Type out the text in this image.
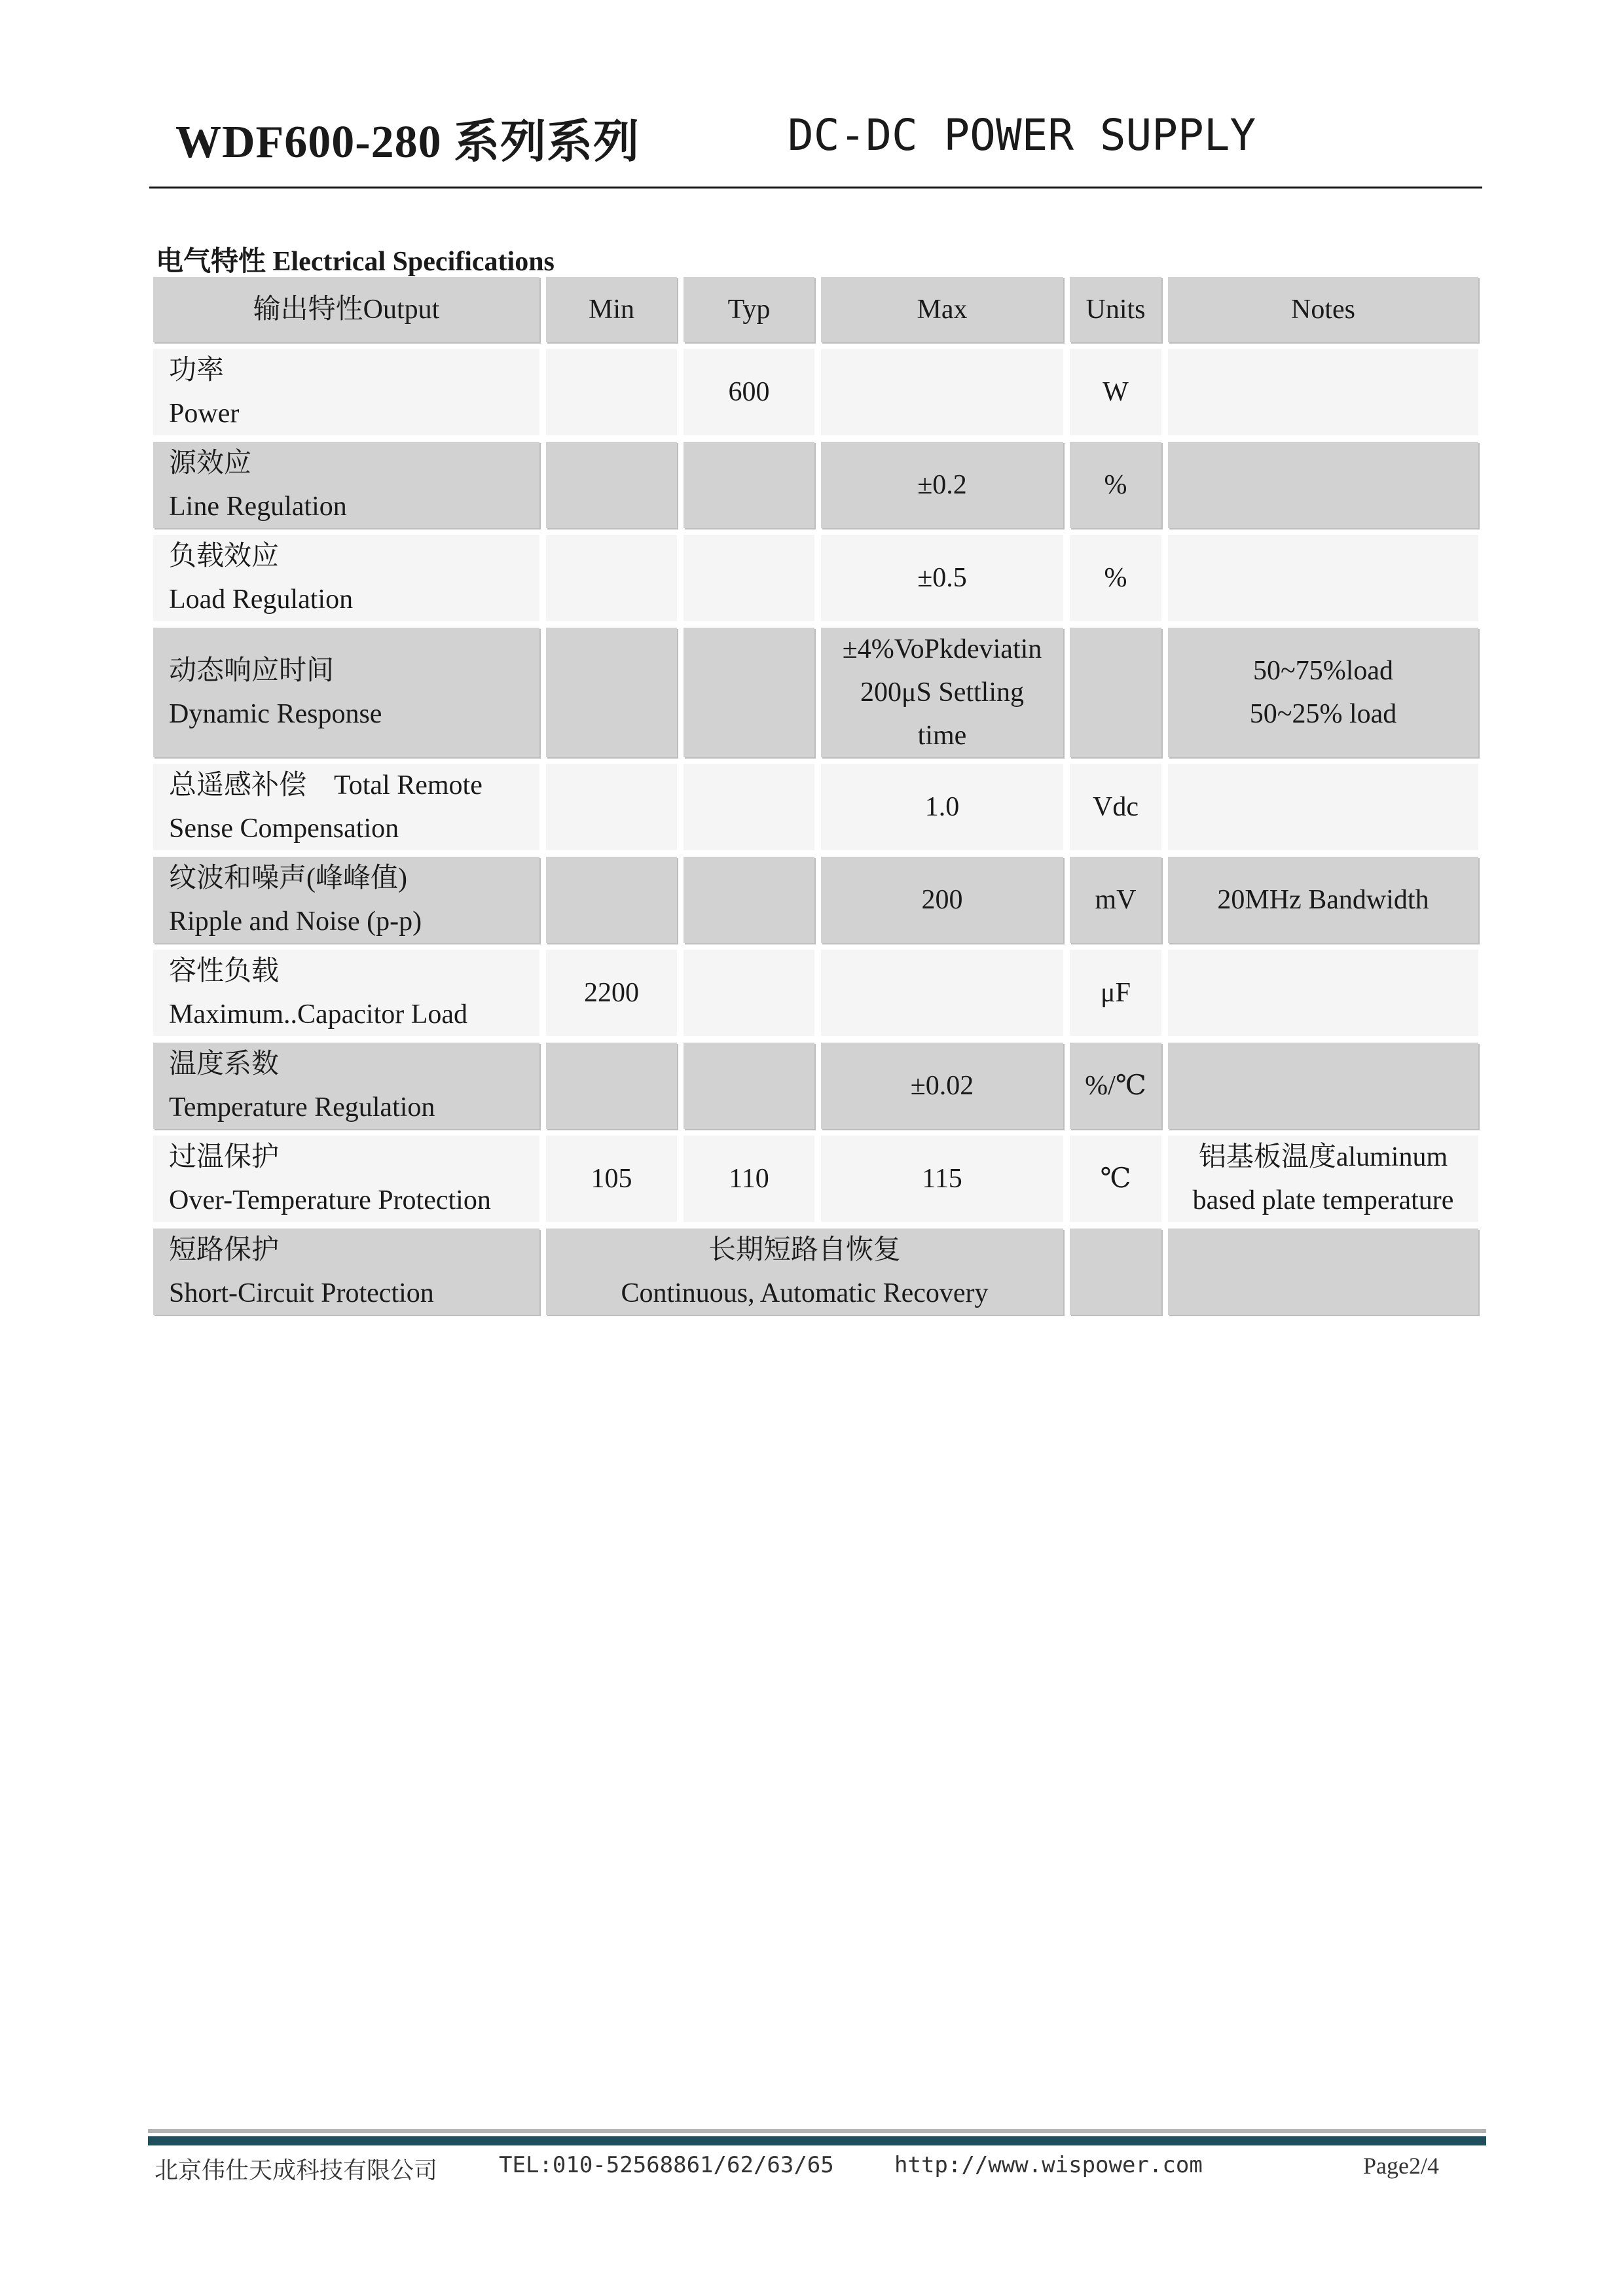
WDF600-280 系列系列	DC-DC POWER SUPPLY
电气特性 Electrical Specifications
输出特性Output	Min	Typ	Max	Units	Notes

功率
Power		600		W	

源效应
Line Regulation			±0.2	%	

负载效应
Load Regulation			±0.5	%	

动态响应时间
Dynamic Response			±4%VoPkdeviatin
200μS Settling
time		50~75%load
50~25% load

总遥感补偿    Total Remote
Sense Compensation			1.0	Vdc	

纹波和噪声(峰峰值)
Ripple and Noise (p-p)			200	mV	20MHz Bandwidth

容性负载
Maximum..Capacitor Load	2200			μF	

温度系数
Temperature Regulation			±0.02	%/℃	

过温保护
Over-Temperature Protection	105	110	115	℃	铝基板温度aluminum
based plate temperature

短路保护
Short-Circuit Protection	长期短路自恢复
Continuous, Automatic Recovery				

北京伟仕天成科技有限公司	TEL:010-52568861/62/63/65	http://www.wispower.com	Page2/4
